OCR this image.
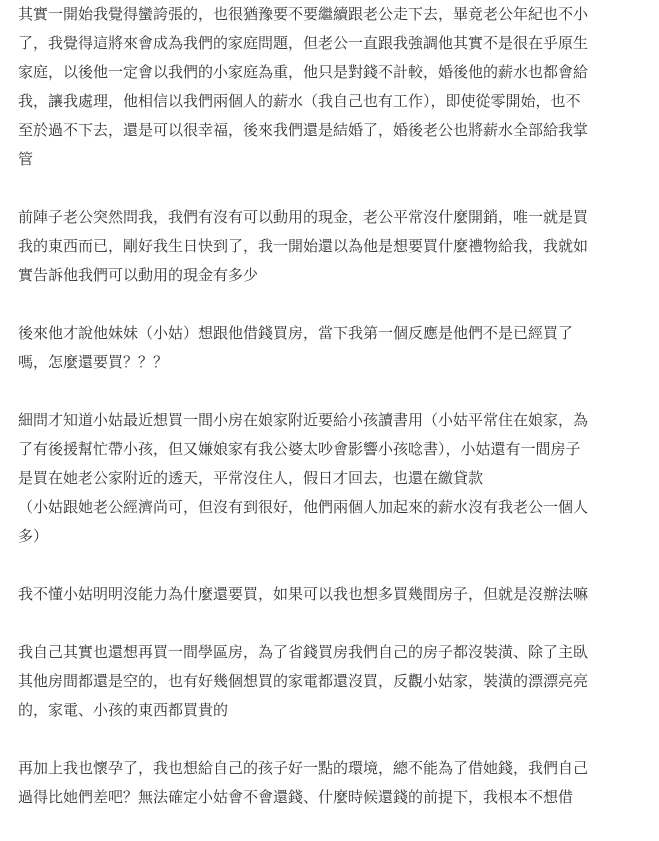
其實一開始我覺得蠻誇張的，也很猶豫要不要繼續跟老公走下去，畢竟老公年紀也不小
了，我覺得這將來會成為我們的家庭問題，但老公一直跟我強調他其實不是很在乎原生
家庭，以後他一定會以我們的小家庭為重，他只是對錢不計較，婚後他的薪水也都會給
我，讓我處理，他相信以我們兩個人的薪水（我自己也有工作），即使從零開始，也不
至於過不下去，還是可以很幸福，後來我們還是結婚了，婚後老公也將薪水全部給我掌
管

前陣子老公突然問我，我們有沒有可以動用的現金，老公平常沒什麼開銷，唯一就是買
我的東西而已，剛好我生日快到了，我一開始還以為他是想要買什麼禮物給我，我就如
實告訴他我們可以動用的現金有多少

後來他才說他妹妹（小姑）想跟他借錢買房，當下我第一個反應是他們不是已經買了
嗎，怎麼還要買？？？

細問才知道小姑最近想買一間小房在娘家附近要給小孩讀書用（小姑平常住在娘家，為
了有後援幫忙帶小孩，但又嫌娘家有我公婆太吵會影響小孩唸書），小姑還有一間房子
是買在她老公家附近的透天，平常沒住人，假日才回去，也還在繳貸款
（小姑跟她老公經濟尚可，但沒有到很好，他們兩個人加起來的薪水沒有我老公一個人
多）

我不懂小姑明明沒能力為什麼還要買，如果可以我也想多買幾間房子，但就是沒辦法嘛

我自己其實也還想再買一間學區房，為了省錢買房我們自己的房子都沒裝潢、除了主臥
其他房間都還是空的，也有好幾個想買的家電都還沒買，反觀小姑家，裝潢的漂漂亮亮
的，家電、小孩的東西都買貴的

再加上我也懷孕了，我也想給自己的孩子好一點的環境，總不能為了借她錢，我們自己
過得比她們差吧？無法確定小姑會不會還錢、什麼時候還錢的前提下，我根本不想借
